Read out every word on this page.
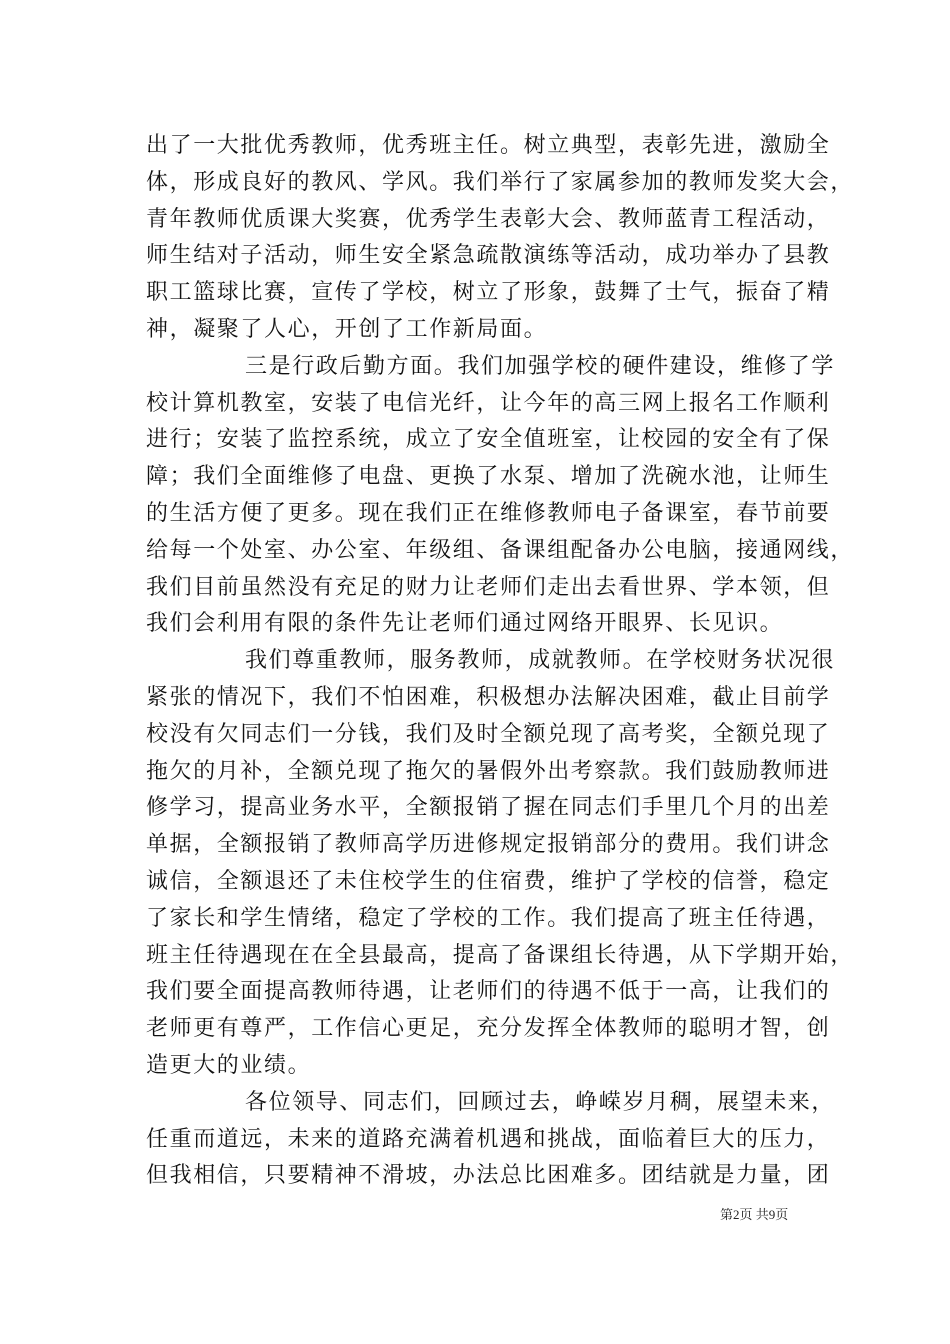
出了一大批优秀教师，优秀班主任。树立典型，表彰先进，激励全
体，形成良好的教风、学风。我们举行了家属参加的教师发奖大会，
青年教师优质课大奖赛，优秀学生表彰大会、教师蓝青工程活动，
师生结对子活动，师生安全紧急疏散演练等活动，成功举办了县教
职工篮球比赛，宣传了学校，树立了形象，鼓舞了士气，振奋了精
神，凝聚了人心，开创了工作新局面。
三是行政后勤方面。我们加强学校的硬件建设，维修了学
校计算机教室，安装了电信光纤，让今年的高三网上报名工作顺利
进行；安装了监控系统，成立了安全值班室，让校园的安全有了保
障；我们全面维修了电盘、更换了水泵、增加了洗碗水池，让师生
的生活方便了更多。现在我们正在维修教师电子备课室，春节前要
给每一个处室、办公室、年级组、备课组配备办公电脑，接通网线，
我们目前虽然没有充足的财力让老师们走出去看世界、学本领，但
我们会利用有限的条件先让老师们通过网络开眼界、长见识。
我们尊重教师，服务教师，成就教师。在学校财务状况很
紧张的情况下，我们不怕困难，积极想办法解决困难，截止目前学
校没有欠同志们一分钱，我们及时全额兑现了高考奖，全额兑现了
拖欠的月补，全额兑现了拖欠的暑假外出考察款。我们鼓励教师进
修学习，提高业务水平，全额报销了握在同志们手里几个月的出差
单据，全额报销了教师高学历进修规定报销部分的费用。我们讲念
诚信，全额退还了未住校学生的住宿费，维护了学校的信誉，稳定
了家长和学生情绪，稳定了学校的工作。我们提高了班主任待遇，
班主任待遇现在在全县最高，提高了备课组长待遇，从下学期开始，
我们要全面提高教师待遇，让老师们的待遇不低于一高，让我们的
老师更有尊严，工作信心更足，充分发挥全体教师的聪明才智，创
造更大的业绩。
各位领导、同志们，回顾过去，峥嵘岁月稠，展望未来，
任重而道远，未来的道路充满着机遇和挑战，面临着巨大的压力，
但我相信，只要精神不滑坡，办法总比困难多。团结就是力量，团
第2页 共9页
